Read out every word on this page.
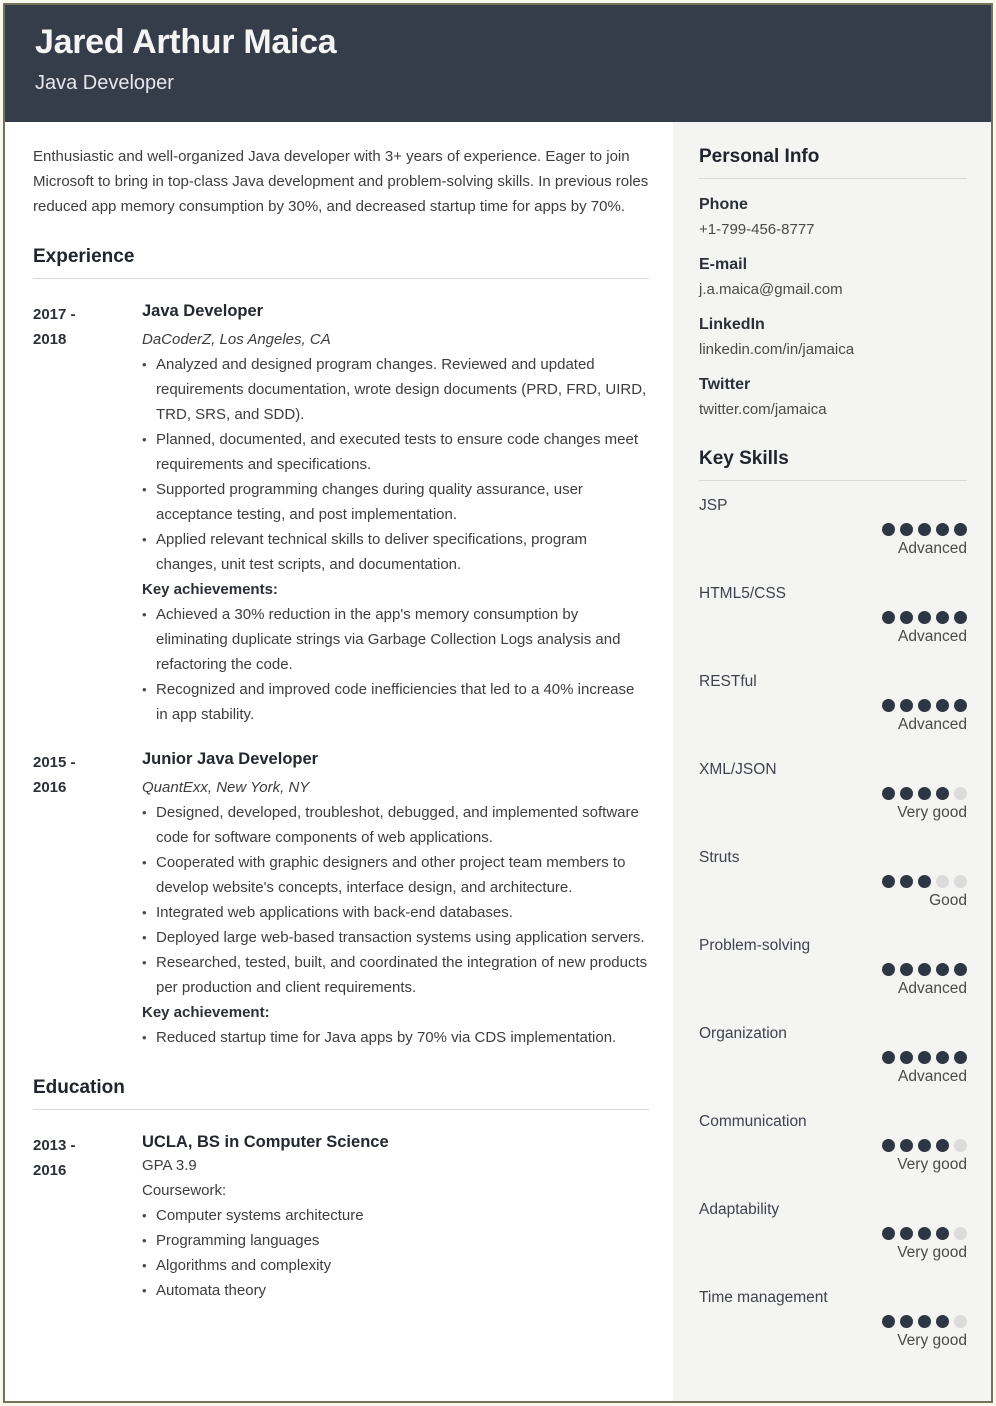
Jared Arthur Maica
Java Developer
Enthusiastic and well-organized Java developer with 3+ years of experience. Eager to join Microsoft to bring in top-class Java development and problem-solving skills. In previous roles reduced app memory consumption by 30%, and decreased startup time for apps by 70%.
Experience
2017 -
2018
Java Developer
DaCoderZ, Los Angeles, CA
• Analyzed and designed program changes. Reviewed and updated requirements documentation, wrote design documents (PRD, FRD, UIRD, TRD, SRS, and SDD).
• Planned, documented, and executed tests to ensure code changes meet requirements and specifications.
• Supported programming changes during quality assurance, user acceptance testing, and post implementation.
• Applied relevant technical skills to deliver specifications, program changes, unit test scripts, and documentation.
Key achievements:
• Achieved a 30% reduction in the app's memory consumption by eliminating duplicate strings via Garbage Collection Logs analysis and refactoring the code.
• Recognized and improved code inefficiencies that led to a 40% increase in app stability.
2015 -
2016
Junior Java Developer
QuantExx, New York, NY
• Designed, developed, troubleshot, debugged, and implemented software code for software components of web applications.
• Cooperated with graphic designers and other project team members to develop website's concepts, interface design, and architecture.
• Integrated web applications with back-end databases.
• Deployed large web-based transaction systems using application servers.
• Researched, tested, built, and coordinated the integration of new products per production and client requirements.
Key achievement:
• Reduced startup time for Java apps by 70% via CDS implementation.
Education
2013 -
2016
UCLA, BS in Computer Science
GPA 3.9
Coursework:
• Computer systems architecture
• Programming languages
• Algorithms and complexity
• Automata theory
Personal Info
Phone
+1-799-456-8777
E-mail
j.a.maica@gmail.com
LinkedIn
linkedin.com/in/jamaica
Twitter
twitter.com/jamaica
Key Skills
JSP
Advanced
HTML5/CSS
Advanced
RESTful
Advanced
XML/JSON
Very good
Struts
Good
Problem-solving
Advanced
Organization
Advanced
Communication
Very good
Adaptability
Very good
Time management
Very good
